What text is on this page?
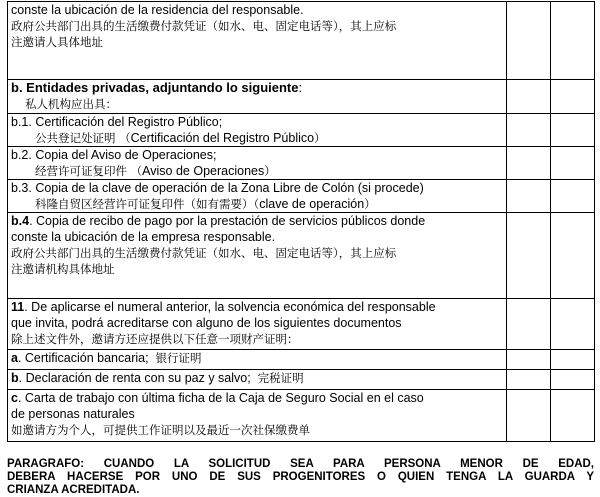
conste la ubicación de la residencia del responsable.
政府公共部门出具的生活缴费付款凭证（如水、电、固定电话等），其上应标
注邀请人具体地址		

b. Entidades privadas, adjuntando lo siguiente:
私人机构应出具：		

b.1. Certificación del Registro Público;
公共登记处证明 （Certificación del Registro Público）		

b.2. Copia del Aviso de Operaciones;
经营许可证复印件 （Aviso de Operaciones）		

b.3. Copia de la clave de operación de la Zona Libre de Colón (si procede)
科隆自贸区经营许可证复印件（如有需要）（clave de operación）		

b.4. Copia de recibo de pago por la prestación de servicios públicos donde
conste la ubicación de la empresa responsable.
政府公共部门出具的生活缴费付款凭证（如水、电、固定电话等），其上应标
注邀请机构具体地址		

11. De aplicarse el numeral anterior, la solvencia económica del responsable
que invita, podrá acreditarse con alguno de los siguientes documentos
除上述文件外，邀请方还应提供以下任意一项财产证明：		

a. Certificación bancaria; 银行证明		

b. Declaración de renta con su paz y salvo; 完税证明		

c. Carta de trabajo con última ficha de la Caja de Seguro Social en el caso
de personas naturales
如邀请方为个人，可提供工作证明以及最近一次社保缴费单		

PARAGRAFO: CUANDO LA SOLICITUD SEA PARA PERSONA MENOR DE EDAD,
DEBERA HACERSE POR UNO DE SUS PROGENITORES O QUIEN TENGA LA GUARDA Y
CRIANZA ACREDITADA.
